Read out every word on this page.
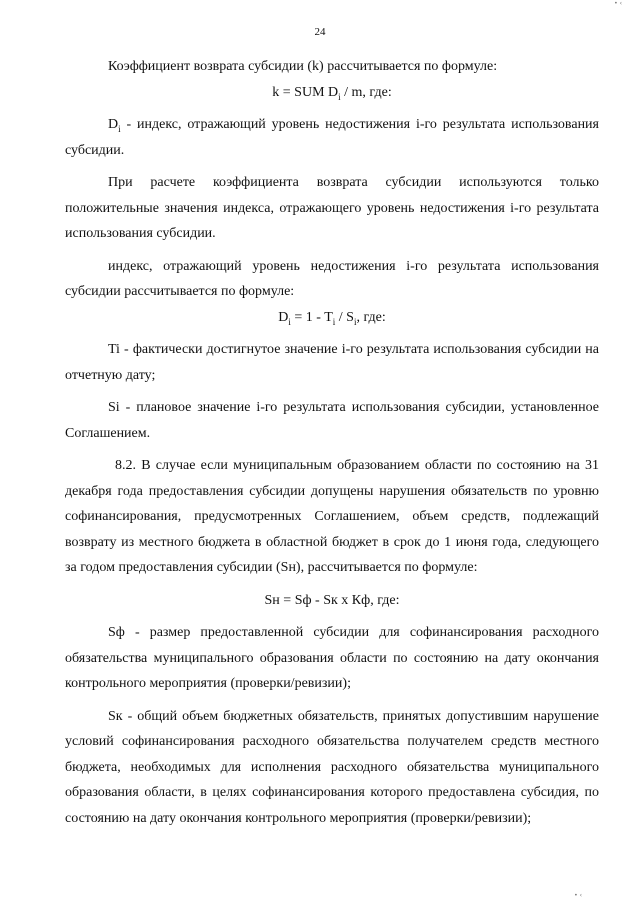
• ‹
24

Коэффициент возврата субсидии (k) рассчитывается по формуле:

k = SUM $D_i$ / m, где:

$D_i$ - индекс, отражающий уровень недостижения i-го результата использования субсидии.

При расчете коэффициента возврата субсидии используются только положительные значения индекса, отражающего уровень недостижения i-го результата использования субсидии.

индекс, отражающий уровень недостижения i-го результата использования субсидии рассчитывается по формуле:

$D_i = 1 - T_i / S_i$, где:

Ti - фактически достигнутое значение i-го результата использования субсидии на отчетную дату;

Si - плановое значение i-го результата использования субсидии, установленное Соглашением.

8.2. В случае если муниципальным образованием области по состоянию на 31 декабря года предоставления субсидии допущены нарушения обязательств по уровню софинансирования, предусмотренных Соглашением, объем средств, подлежащий возврату из местного бюджета в областной бюджет в срок до 1 июня года, следующего за годом предоставления субсидии (Sн), рассчитывается по формуле:

Sн = Sф - Sк x Кф, где:

Sф - размер предоставленной субсидии для софинансирования расходного обязательства муниципального образования области по состоянию на дату окончания контрольного мероприятия (проверки/ревизии);

Sк - общий объем бюджетных обязательств, принятых допустившим нарушение условий софинансирования расходного обязательства получателем средств местного бюджета, необходимых для исполнения расходного обязательства муниципального образования области, в целях софинансирования которого предоставлена субсидия, по состоянию на дату окончания контрольного мероприятия (проверки/ревизии);

• ‹
